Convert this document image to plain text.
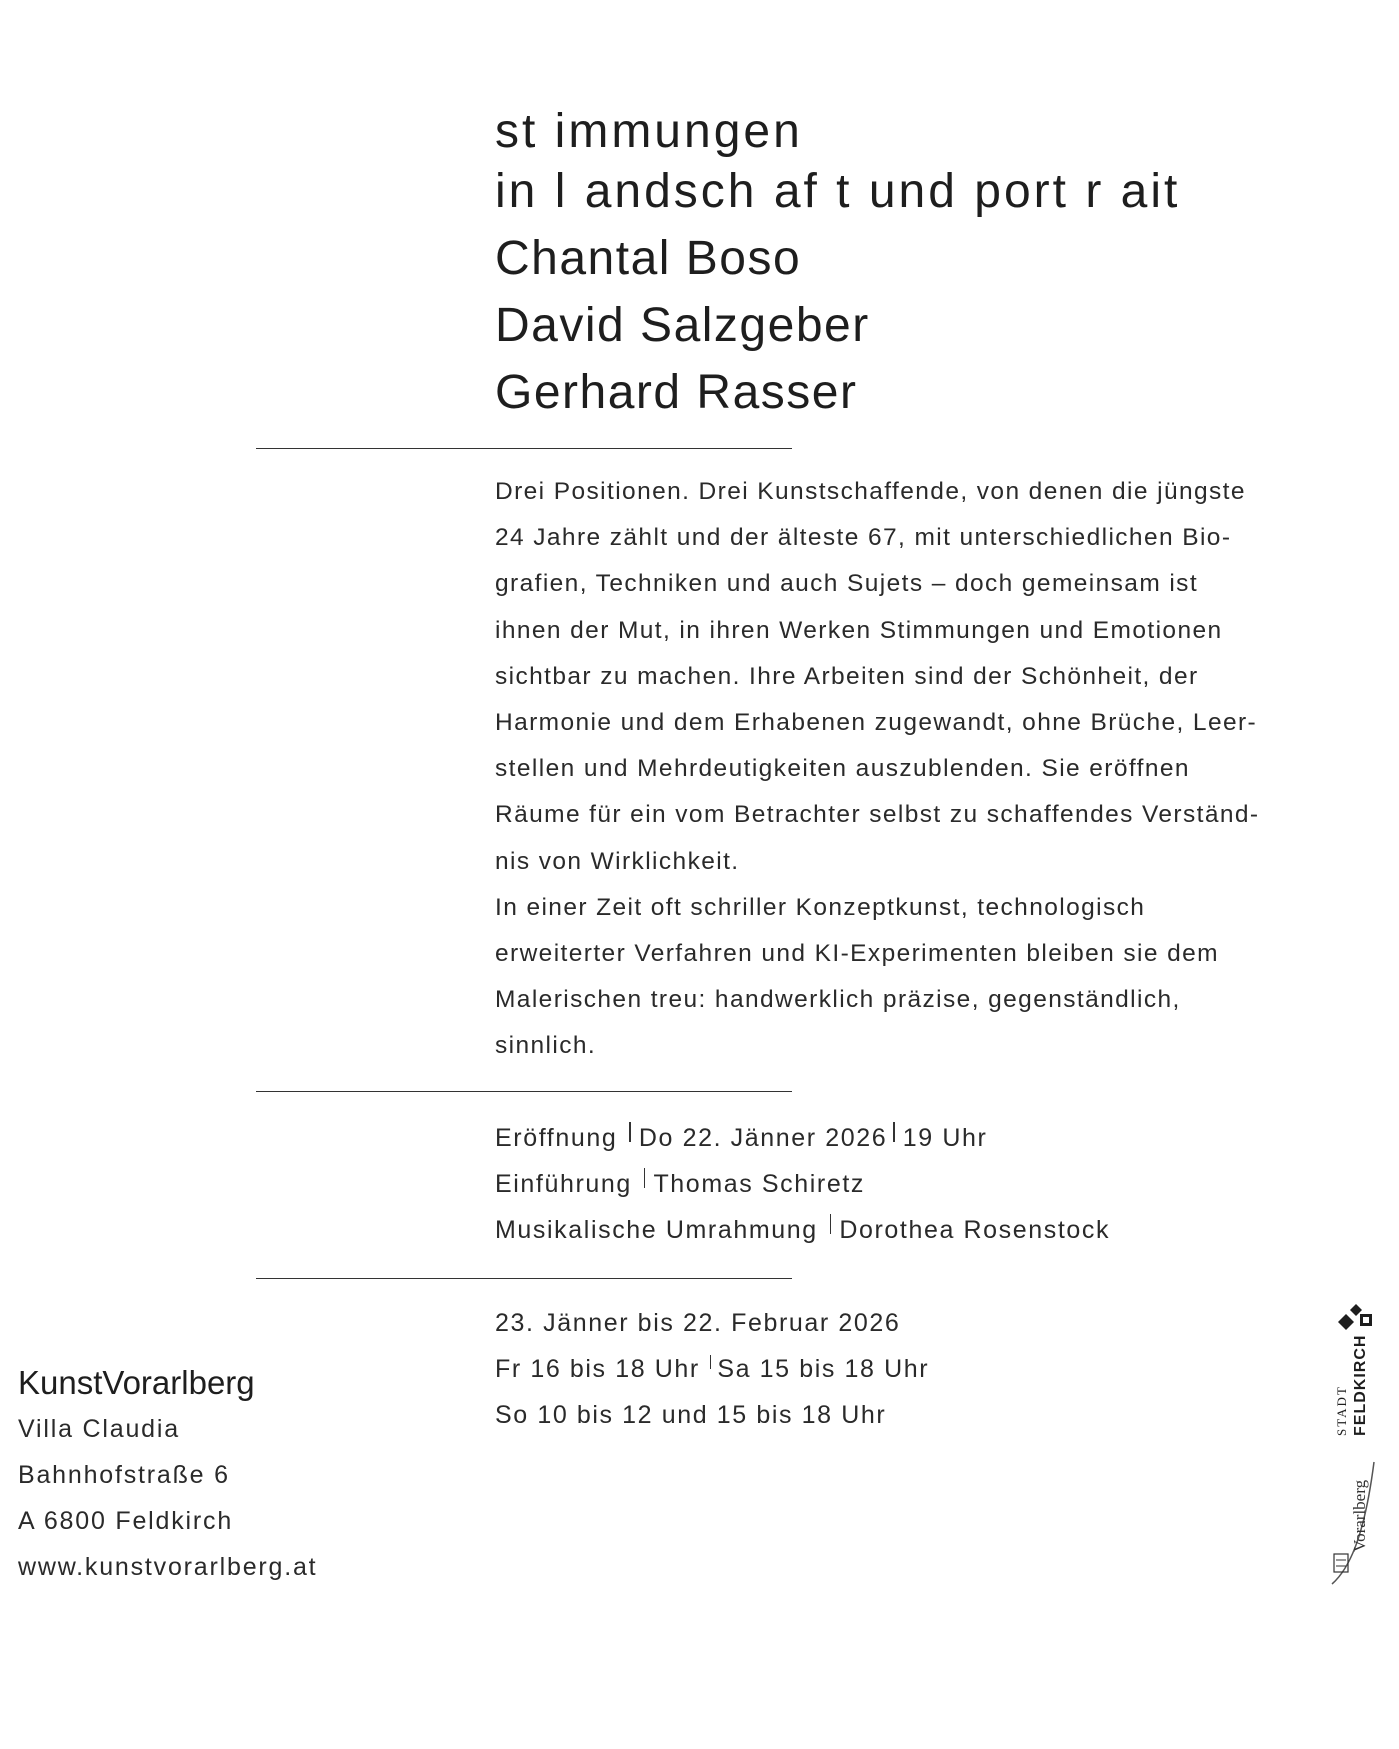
st immungen
in l andsch af t und port r ait
Chantal Boso
David Salzgeber
Gerhard Rasser
Drei Positionen. Drei Kunstschaffende, von denen die jüngste
24 Jahre zählt und der älteste 67, mit unterschiedlichen Bio-
grafien, Techniken und auch Sujets – doch gemeinsam ist
ihnen der Mut, in ihren Werken Stimmungen und Emotionen
sichtbar zu machen. Ihre Arbeiten sind der Schönheit, der
Harmonie und dem Erhabenen zugewandt, ohne Brüche, Leer-
stellen und Mehrdeutigkeiten auszublenden. Sie eröffnen
Räume für ein vom Betrachter selbst zu schaffendes Verständ-
nis von Wirklichkeit.
In einer Zeit oft schriller Konzeptkunst, technologisch
erweiterter Verfahren und KI-Experimenten bleiben sie dem
Malerischen treu: handwerklich präzise, gegenständlich,
sinnlich.
Eröffnung Do 22. Jänner 2026 19 Uhr
Einführung Thomas Schiretz
Musikalische Umrahmung Dorothea Rosenstock
23. Jänner bis 22. Februar 2026
Fr 16 bis 18 Uhr Sa 15 bis 18 Uhr
So 10 bis 12 und 15 bis 18 Uhr
KunstVorarlberg
Villa Claudia
Bahnhofstraße 6
A 6800 Feldkirch
www.kunstvorarlberg.at
STADT FELDKIRCH
Vorarlberg
